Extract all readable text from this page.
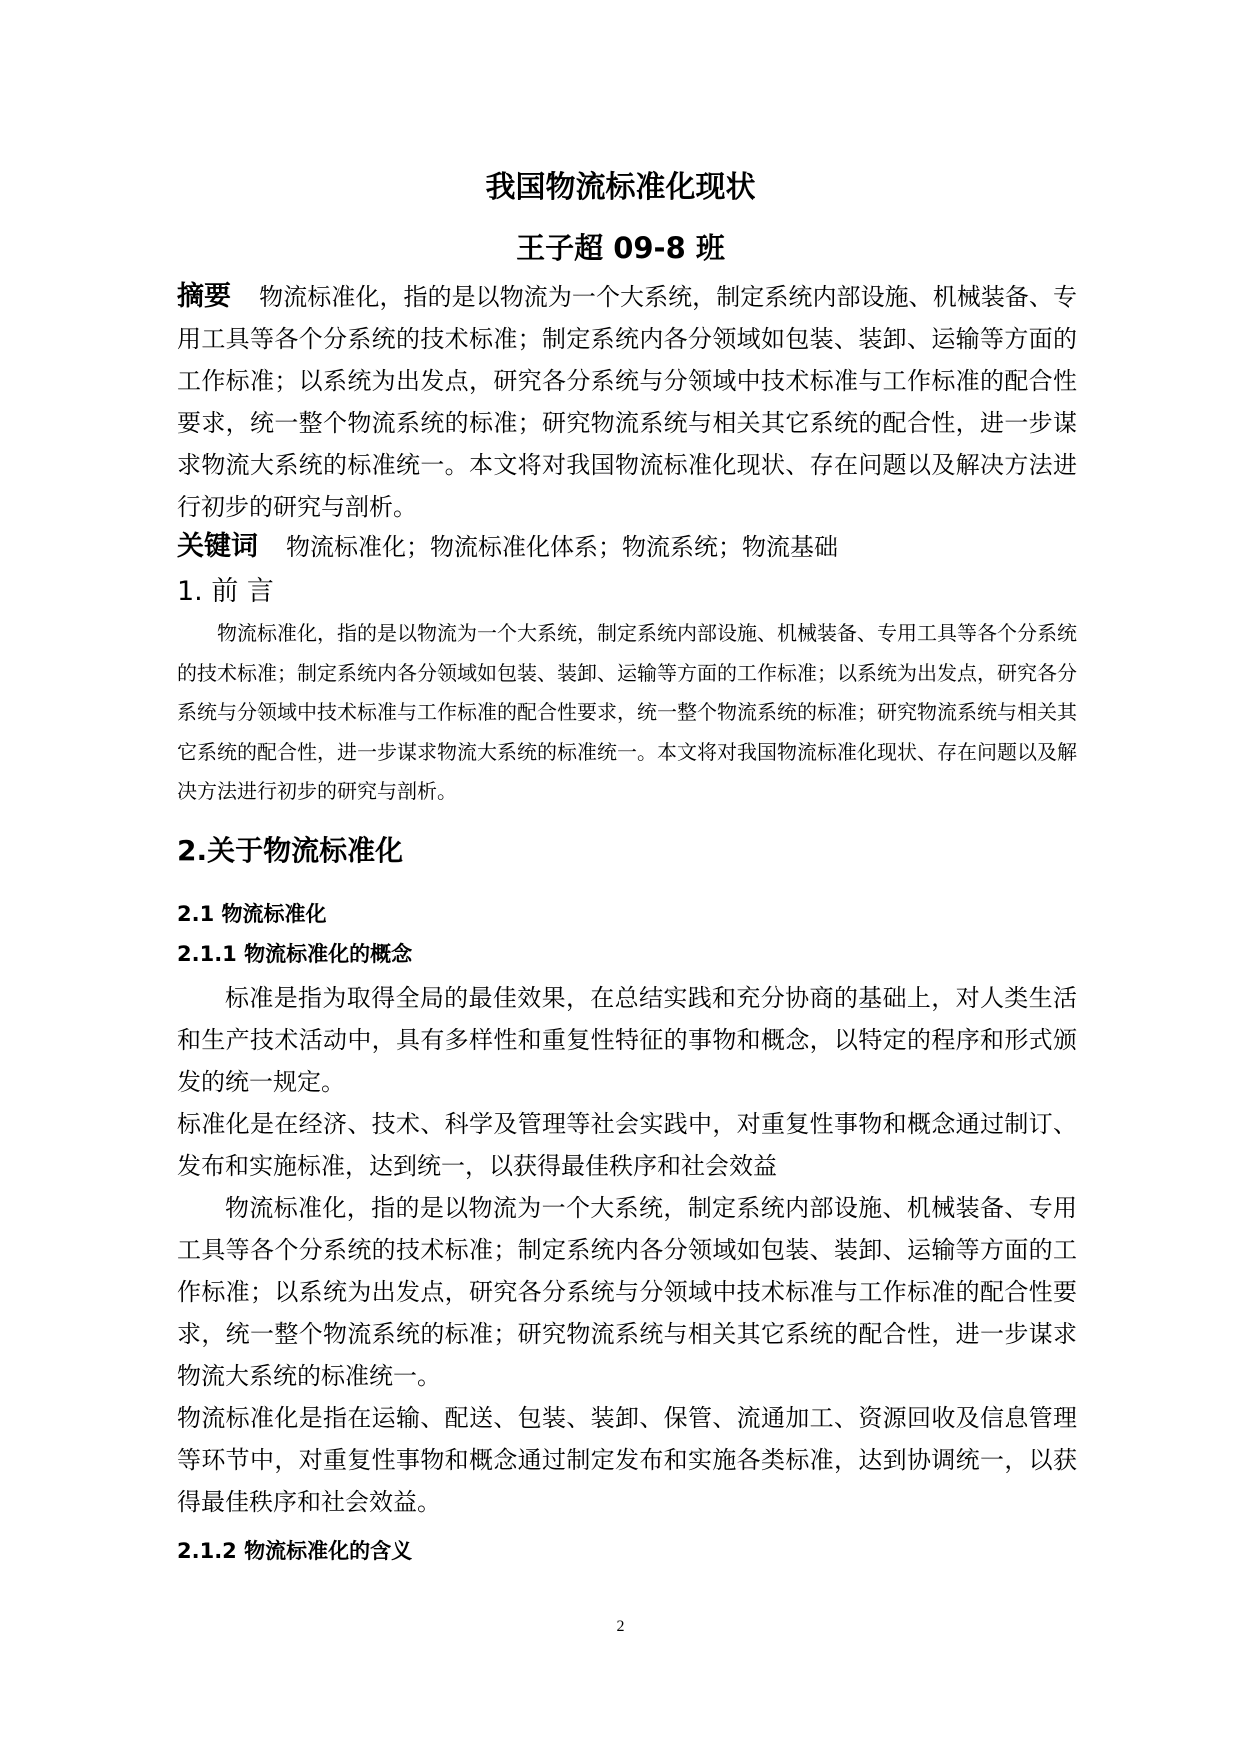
我国物流标准化现状
王子超 09-8 班

摘要 物流标准化，指的是以物流为一个大系统，制定系统内部设施、机械装备、专用工具等各个分系统的技术标准；制定系统内各分领域如包装、装卸、运输等方面的工作标准；以系统为出发点，研究各分系统与分领域中技术标准与工作标准的配合性要求，统一整个物流系统的标准；研究物流系统与相关其它系统的配合性，进一步谋求物流大系统的标准统一。本文将对我国物流标准化现状、存在问题以及解决方法进行初步的研究与剖析。

关键词 物流标准化；物流标准化体系；物流系统；物流基础

1. 前 言

物流标准化，指的是以物流为一个大系统，制定系统内部设施、机械装备、专用工具等各个分系统的技术标准；制定系统内各分领域如包装、装卸、运输等方面的工作标准；以系统为出发点，研究各分系统与分领域中技术标准与工作标准的配合性要求，统一整个物流系统的标准；研究物流系统与相关其它系统的配合性，进一步谋求物流大系统的标准统一。本文将对我国物流标准化现状、存在问题以及解决方法进行初步的研究与剖析。

2.关于物流标准化
2.1 物流标准化
2.1.1 物流标准化的概念

标准是指为取得全局的最佳效果，在总结实践和充分协商的基础上，对人类生活和生产技术活动中，具有多样性和重复性特征的事物和概念，以特定的程序和形式颁发的统一规定。

标准化是在经济、技术、科学及管理等社会实践中，对重复性事物和概念通过制订、发布和实施标准，达到统一，以获得最佳秩序和社会效益

物流标准化，指的是以物流为一个大系统，制定系统内部设施、机械装备、专用工具等各个分系统的技术标准；制定系统内各分领域如包装、装卸、运输等方面的工作标准；以系统为出发点，研究各分系统与分领域中技术标准与工作标准的配合性要求，统一整个物流系统的标准；研究物流系统与相关其它系统的配合性，进一步谋求物流大系统的标准统一。

物流标准化是指在运输、配送、包装、装卸、保管、流通加工、资源回收及信息管理等环节中，对重复性事物和概念通过制定发布和实施各类标准，达到协调统一，以获得最佳秩序和社会效益。

2.1.2 物流标准化的含义
2
